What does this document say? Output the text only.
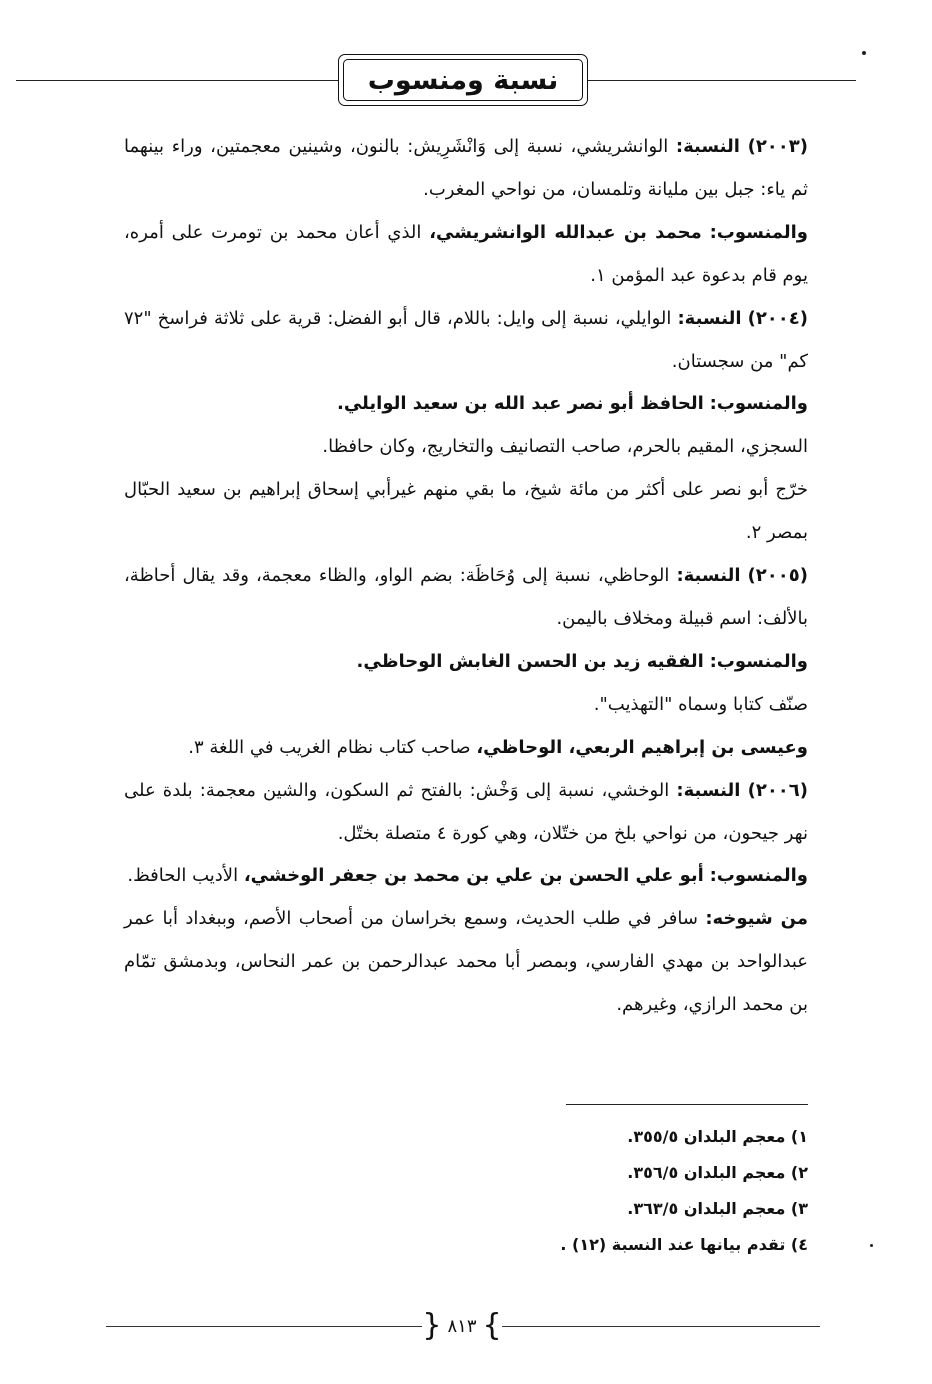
نسبة ومنسوب

(٢٠٠٣) النسبة: الوانشريشي، نسبة إلى وَانْشَرِيش: بالنون، وشينين معجمتين، وراء بينهما ثم ياء: جبل بين مليانة وتلمسان، من نواحي المغرب.

والمنسوب: محمد بن عبدالله الوانشريشي، الذي أعان محمد بن تومرت على أمره، يوم قام بدعوة عبد المؤمن ١.

(٢٠٠٤) النسبة: الوايلي، نسبة إلى وايل: باللام، قال أبو الفضل: قرية على ثلاثة فراسخ "٧٢ كم" من سجستان.

والمنسوب: الحافظ أبو نصر عبد الله بن سعيد الوايلي.

السجزي، المقيم بالحرم، صاحب التصانيف والتخاريج، وكان حافظا.

خرّج أبو نصر على أكثر من مائة شيخ، ما بقي منهم غيرأبي إسحاق إبراهيم بن سعيد الحبّال بمصر ٢.

(٢٠٠٥) النسبة: الوحاظي، نسبة إلى وُحَاظَة: بضم الواو، والظاء معجمة، وقد يقال أحاظة، بالألف: اسم قبيلة ومخلاف باليمن.

والمنسوب: الفقيه زيد بن الحسن الغابش الوحاظي.

صنّف كتابا وسماه "التهذيب".

وعيسى بن إبراهيم الربعي، الوحاظي، صاحب كتاب نظام الغريب في اللغة ٣.

(٢٠٠٦) النسبة: الوخشي، نسبة إلى وَخْش: بالفتح ثم السكون، والشين معجمة: بلدة على نهر جيحون، من نواحي بلخ من ختّلان، وهي كورة ٤ متصلة بختّل.

والمنسوب: أبو علي الحسن بن علي بن محمد بن جعفر الوخشي، الأديب الحافظ.

من شيوخه: سافر في طلب الحديث، وسمع بخراسان من أصحاب الأصم، وببغداد أبا عمر عبدالواحد بن مهدي الفارسي، وبمصر أبا محمد عبدالرحمن بن عمر النحاس، وبدمشق تمّام بن محمد الرازي، وغيرهم.

١) معجم البلدان ٣٥٥/٥.

٢) معجم البلدان ٣٥٦/٥.

٣) معجم البلدان ٣٦٣/٥.

٤) تقدم بيانها عند النسبة (١٢) .

}
٨١٣
{
